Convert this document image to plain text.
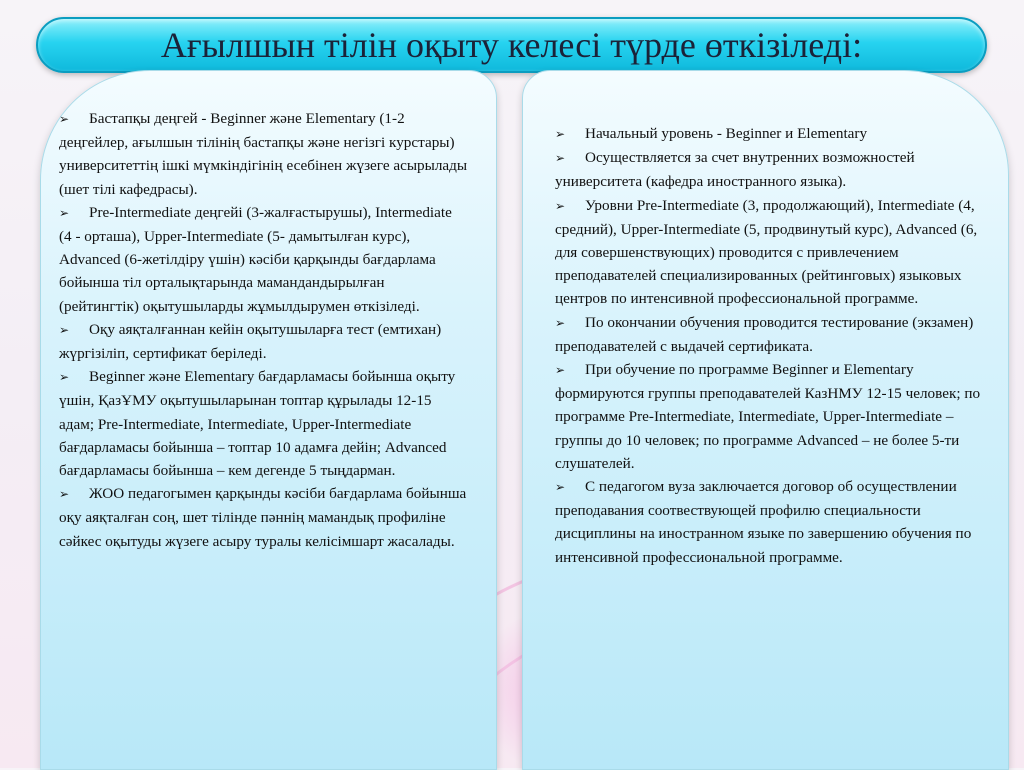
Ағылшын тілін оқыту келесі түрде өткізіледі:

➢ Бастапқы деңгей - Beginner және Elementary (1-2 деңгейлер, ағылшын тілінің бастапқы және негізгі курстары) университеттің ішкі мүмкіндігінің есебінен жүзеге асырылады (шет тілі кафедрасы).

➢ Pre-Intermediate деңгейі (3-жалғастырушы), Intermediate (4 - орташа), Upper-Intermediate (5- дамытылған курс), Advanced (6-жетілдіру үшін) кәсіби қарқынды бағдарлама бойынша тіл орталықтарында мамандандырылған (рейтингтік) оқытушыларды жұмылдырумен өткізіледі.

➢ Оқу аяқталғаннан кейін оқытушыларға тест (емтихан) жүргізіліп, сертификат беріледі.

➢ Beginner және Elementary бағдарламасы бойынша оқыту үшін, ҚазҰМУ оқытушыларынан топтар құрылады 12-15 адам; Pre-Intermediate, Intermediate, Upper-Intermediate бағдарламасы бойынша – топтар 10 адамға дейін; Advanced бағдарламасы бойынша – кем дегенде 5 тыңдарман.

➢ ЖОО педагогымен қарқынды кәсіби бағдарлама бойынша оқу аяқталған соң, шет тілінде пәннің мамандық профиліне сәйкес оқытуды жүзеге асыру туралы келісімшарт жасалады.

➢ Начальный уровень - Beginner и Elementary

➢ Осуществляется за счет внутренних возможностей университета (кафедра иностранного языка).

➢ Уровни Pre-Intermediate (3, продолжающий), Intermediate (4, средний), Upper-Intermediate (5, продвинутый курс), Advanced (6, для совершенствующих) проводится с привлечением преподавателей специализированных (рейтинговых) языковых центров по интенсивной профессиональной программе.

➢ По окончании обучения проводится тестирование (экзамен) преподавателей с выдачей сертификата.

➢ При обучение по программе Beginner и Elementary формируются группы преподавателей КазНМУ 12-15 человек; по программе Pre-Intermediate, Intermediate, Upper-Intermediate – группы до 10 человек; по программе Advanced – не более 5-ти слушателей.

➢ С педагогом вуза заключается договор об осуществлении преподавания соотвествующей профилю специальности дисциплины на иностранном языке по завершению обучения по интенсивной профессиональной программе.
